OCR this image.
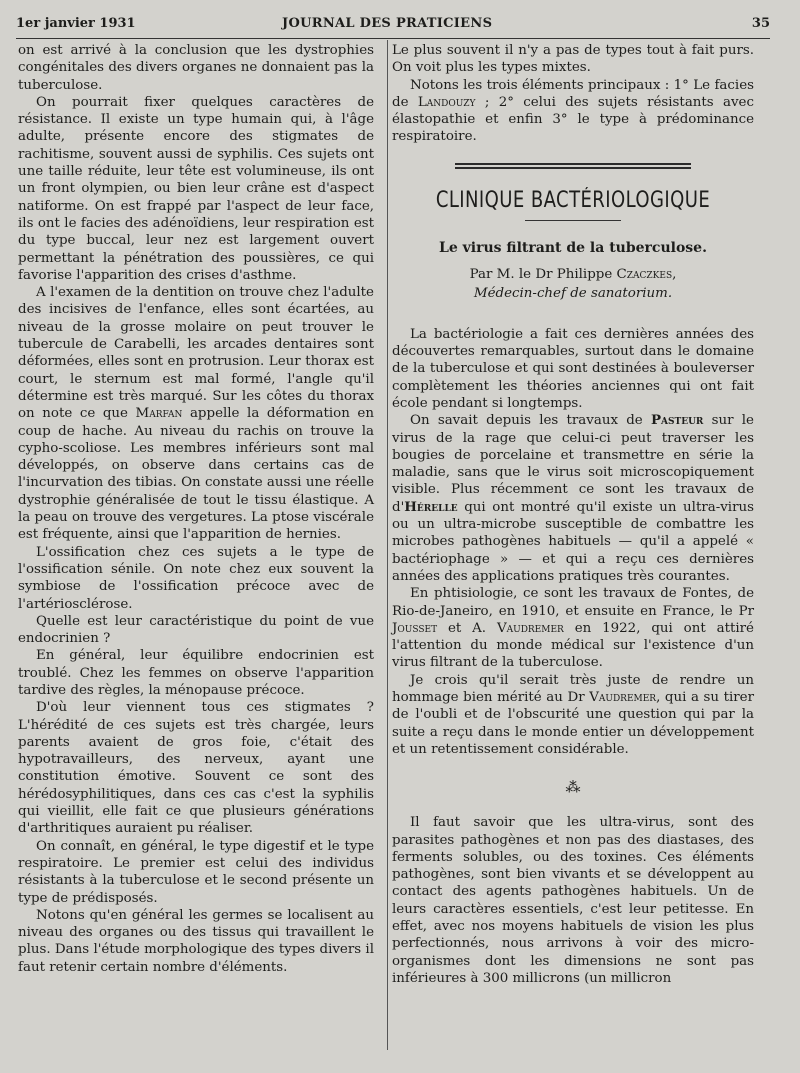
1er janvier 1931	JOURNAL DES PRATICIENS	35

on est arrivé à la conclusion que les dystrophies congénitales des divers organes ne donnaient pas la tuberculose.

On pourrait fixer quelques caractères de résistance. Il existe un type humain qui, à l'âge adulte, présente encore des stigmates de rachitisme, souvent aussi de syphilis. Ces sujets ont une taille réduite, leur tête est volumineuse, ils ont un front olympien, ou bien leur crâne est d'aspect natiforme. On est frappé par l'aspect de leur face, ils ont le facies des adénoïdiens, leur respiration est du type buccal, leur nez est largement ouvert permettant la pénétration des poussières, ce qui favorise l'apparition des crises d'asthme.

A l'examen de la dentition on trouve chez l'adulte des incisives de l'enfance, elles sont écartées, au niveau de la grosse molaire on peut trouver le tubercule de Carabelli, les arcades dentaires sont déformées, elles sont en protrusion. Leur thorax est court, le sternum est mal formé, l'angle qu'il détermine est très marqué. Sur les côtes du thorax on note ce que Marfan appelle la déformation en coup de hache. Au niveau du rachis on trouve la cypho-scoliose. Les membres inférieurs sont mal développés, on observe dans certains cas de l'incurvation des tibias. On constate aussi une réelle dystrophie généralisée de tout le tissu élastique. A la peau on trouve des vergetures. La ptose viscérale est fréquente, ainsi que l'apparition de hernies.

L'ossification chez ces sujets a le type de l'ossification sénile. On note chez eux souvent la symbiose de l'ossification précoce avec de l'artériosclérose.

Quelle est leur caractéristique du point de vue endocrinien ?

En général, leur équilibre endocrinien est troublé. Chez les femmes on observe l'apparition tardive des règles, la ménopause précoce.

D'où leur viennent tous ces stigmates ? L'hérédité de ces sujets est très chargée, leurs parents avaient de gros foie, c'était des hypotravailleurs, des nerveux, ayant une constitution émotive. Souvent ce sont des hérédosyphilitiques, dans ces cas c'est la syphilis qui vieillit, elle fait ce que plusieurs générations d'arthritiques auraient pu réaliser.

On connaît, en général, le type digestif et le type respiratoire. Le premier est celui des individus résistants à la tuberculose et le second présente un type de prédisposés.

Notons qu'en général les germes se localisent au niveau des organes ou des tissus qui travaillent le plus. Dans l'étude morphologique des types divers il faut retenir certain nombre d'éléments.

Le plus souvent il n'y a pas de types tout à fait purs. On voit plus les types mixtes.

Notons les trois éléments principaux : 1° Le facies de Landouzy ; 2° celui des sujets résistants avec élastopathie et enfin 3° le type à prédominance respiratoire.

CLINIQUE BACTÉRIOLOGIQUE
Le virus filtrant de la tuberculose.
Par M. le Dr Philippe Czaczkes,
Médecin-chef de sanatorium.

La bactériologie a fait ces dernières années des découvertes remarquables, surtout dans le domaine de la tuberculose et qui sont destinées à bouleverser complètement les théories anciennes qui ont fait école pendant si longtemps.

On savait depuis les travaux de Pasteur sur le virus de la rage que celui-ci peut traverser les bougies de porcelaine et transmettre en série la maladie, sans que le virus soit microscopiquement visible. Plus récemment ce sont les travaux de d'Hérelle qui ont montré qu'il existe un ultra-virus ou un ultra-microbe susceptible de combattre les microbes pathogènes habituels — qu'il a appelé « bactériophage » — et qui a reçu ces dernières années des applications pratiques très courantes.

En phtisiologie, ce sont les travaux de Fontes, de Rio-de-Janeiro, en 1910, et ensuite en France, le Pr Jousset et A. Vaudremer en 1922, qui ont attiré l'attention du monde médical sur l'existence d'un virus filtrant de la tuberculose.

Je crois qu'il serait très juste de rendre un hommage bien mérité au Dr Vaudremer, qui a su tirer de l'oubli et de l'obscurité une question qui par la suite a reçu dans le monde entier un développement et un retentissement considérable.

⁂

Il faut savoir que les ultra-virus, sont des parasites pathogènes et non pas des diastases, des ferments solubles, ou des toxines. Ces éléments pathogènes, sont bien vivants et se développent au contact des agents pathogènes habituels. Un de leurs caractères essentiels, c'est leur petitesse. En effet, avec nos moyens habituels de vision les plus perfectionnés, nous arrivons à voir des micro-organismes dont les dimensions ne sont pas inférieures à 300 millicrons (un millicron
